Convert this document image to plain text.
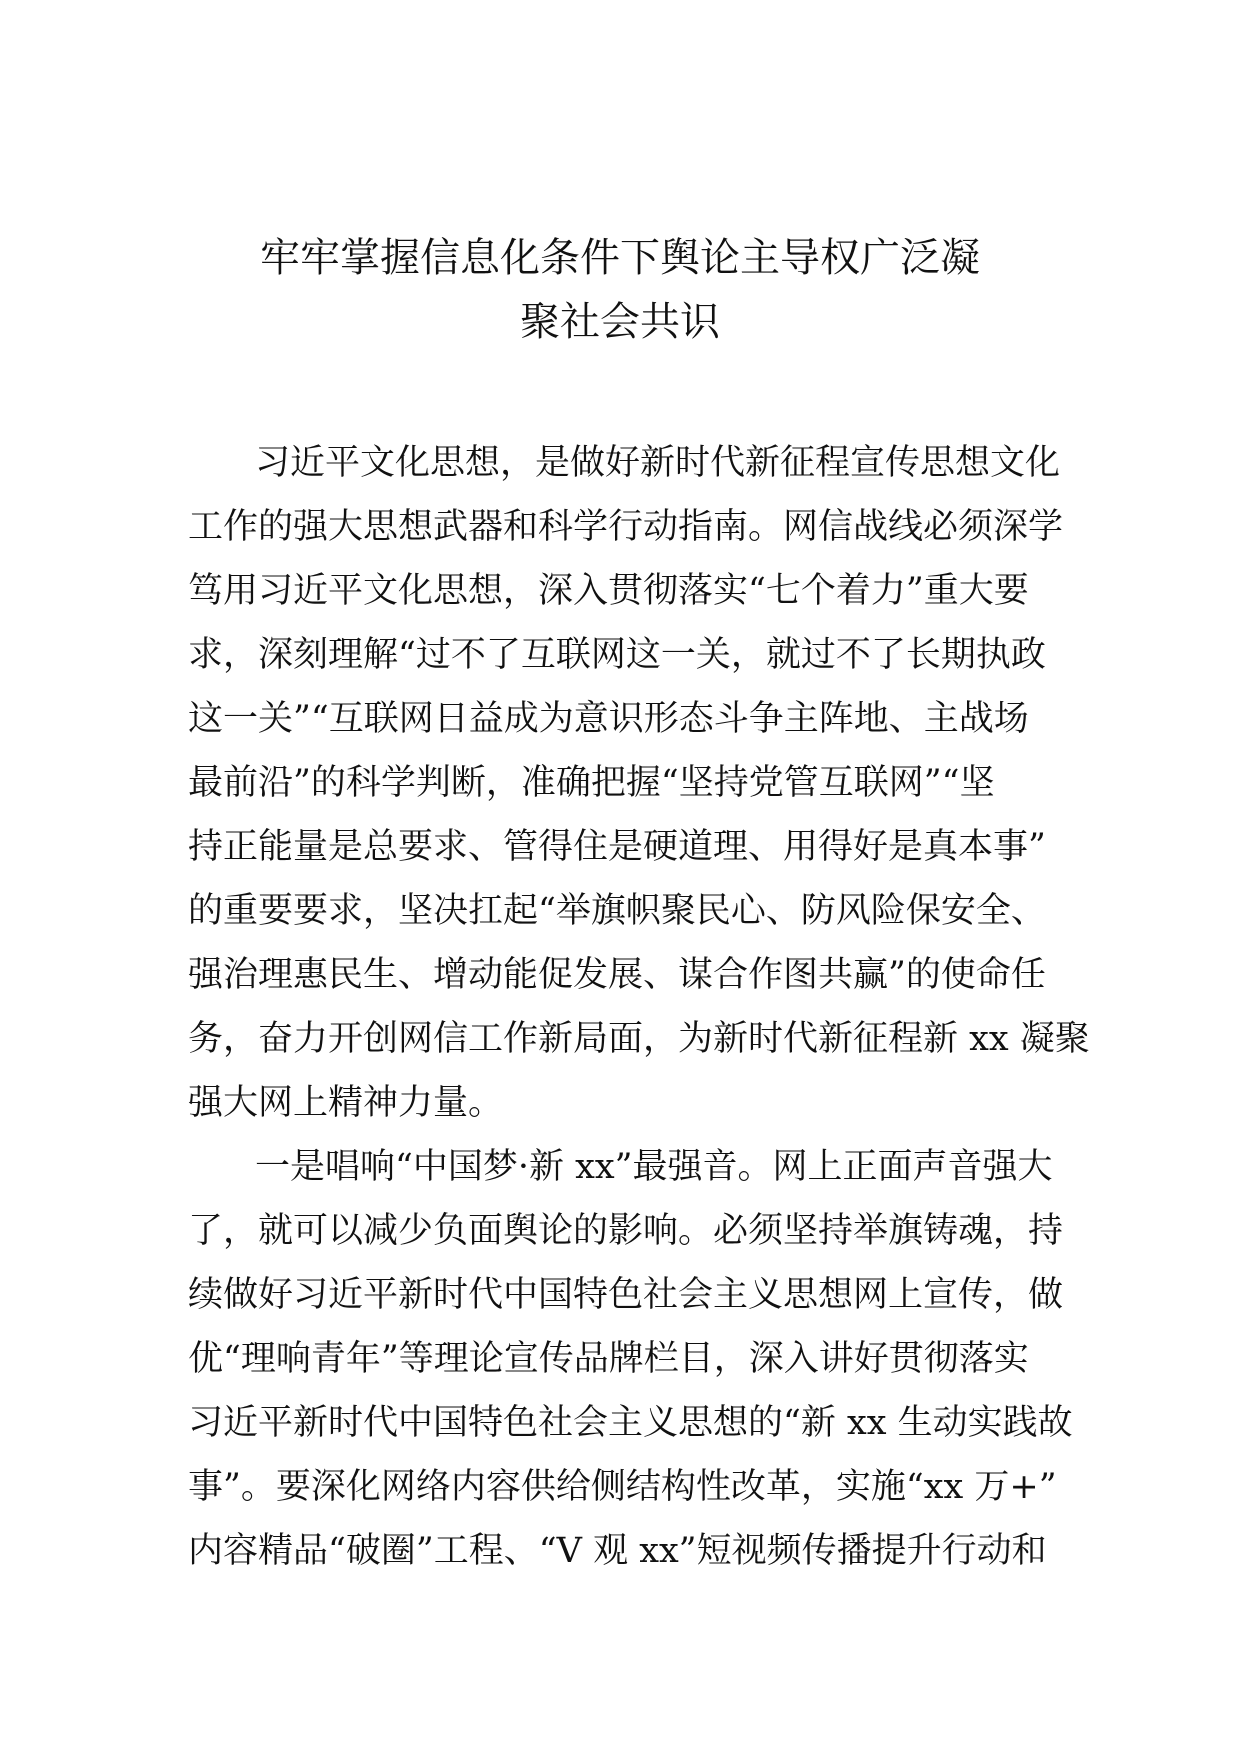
牢牢掌握信息化条件下舆论主导权广泛凝
聚社会共识
习近平文化思想，是做好新时代新征程宣传思想文化
工作的强大思想武器和科学行动指南。网信战线必须深学
笃用习近平文化思想，深入贯彻落实“七个着力”重大要
求，深刻理解“过不了互联网这一关，就过不了长期执政
这一关”“互联网日益成为意识形态斗争主阵地、主战场
最前沿”的科学判断，准确把握“坚持党管互联网”“坚
持正能量是总要求、管得住是硬道理、用得好是真本事”
的重要要求，坚决扛起“举旗帜聚民心、防风险保安全、
强治理惠民生、增动能促发展、谋合作图共赢”的使命任
务，奋力开创网信工作新局面，为新时代新征程新 xx 凝聚
强大网上精神力量。
一是唱响“中国梦·新 xx”最强音。网上正面声音强大
了，就可以减少负面舆论的影响。必须坚持举旗铸魂，持
续做好习近平新时代中国特色社会主义思想网上宣传，做
优“理响青年”等理论宣传品牌栏目，深入讲好贯彻落实
习近平新时代中国特色社会主义思想的“新 xx 生动实践故
事”。要深化网络内容供给侧结构性改革，实施“xx 万+”
内容精品“破圈”工程、“V 观 xx”短视频传播提升行动和
